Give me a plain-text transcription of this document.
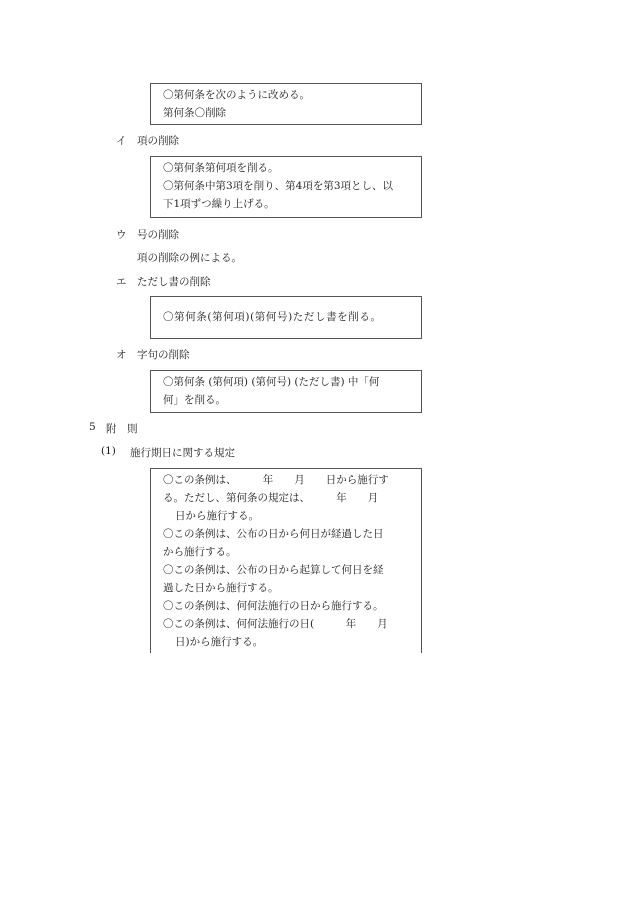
〇第何条を次のように改める。
第何条〇削除
イ 項の削除
〇第何条第何項を削る。
〇第何条中第3項を削り、第4項を第3項とし、以
下1項ずつ繰り上げる。
ウ 号の削除
項の削除の例による。
エ ただし書の削除
〇第何条(第何項)(第何号)ただし書を削る。
オ 字句の削除
〇第何条 (第何項) (第何号) (ただし書) 中「何
何」を削る。
5 附　則
(1) 施行期日に関する規定
〇この条例は、　　　年　　月　　日から施行す
る。ただし、第何条の規定は、　　　年　　月
日から施行する。
〇この条例は、公布の日から何日が経過した日
から施行する。
〇この条例は、公布の日から起算して何日を経
過した日から施行する。
〇この条例は、何何法施行の日から施行する。
〇この条例は、何何法施行の日(　　　年　　月
日)から施行する。
